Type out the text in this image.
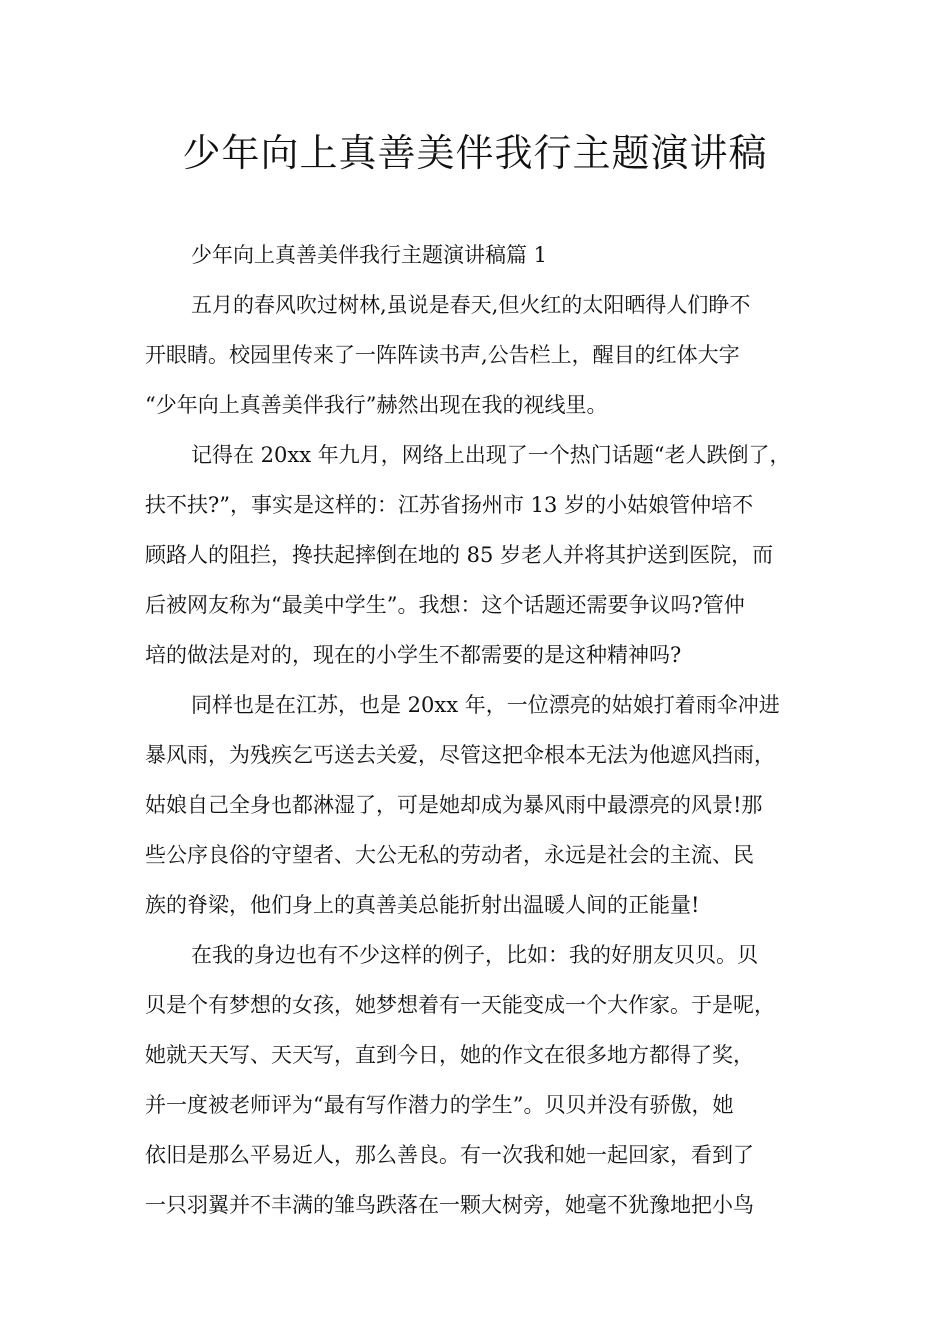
少年向上真善美伴我行主题演讲稿
少年向上真善美伴我行主题演讲稿篇 1
五月的春风吹过树林,虽说是春天,但火红的太阳晒得人们睁不
开眼睛。校园里传来了一阵阵读书声,公告栏上，醒目的红体大字
“少年向上真善美伴我行”赫然出现在我的视线里。
记得在 20xx 年九月，网络上出现了一个热门话题“老人跌倒了，
扶不扶?”，事实是这样的：江苏省扬州市 13 岁的小姑娘管仲培不
顾路人的阻拦，搀扶起摔倒在地的 85 岁老人并将其护送到医院，而
后被网友称为“最美中学生”。我想：这个话题还需要争议吗?管仲
培的做法是对的，现在的小学生不都需要的是这种精神吗?
同样也是在江苏，也是 20xx 年，一位漂亮的姑娘打着雨伞冲进
暴风雨，为残疾乞丐送去关爱，尽管这把伞根本无法为他遮风挡雨，
姑娘自己全身也都淋湿了，可是她却成为暴风雨中最漂亮的风景!那
些公序良俗的守望者、大公无私的劳动者，永远是社会的主流、民
族的脊梁，他们身上的真善美总能折射出温暖人间的正能量!
在我的身边也有不少这样的例子，比如：我的好朋友贝贝。贝
贝是个有梦想的女孩，她梦想着有一天能变成一个大作家。于是呢，
她就天天写、天天写，直到今日，她的作文在很多地方都得了奖，
并一度被老师评为“最有写作潜力的学生”。贝贝并没有骄傲，她
依旧是那么平易近人，那么善良。有一次我和她一起回家，看到了
一只羽翼并不丰满的雏鸟跌落在一颗大树旁，她毫不犹豫地把小鸟
